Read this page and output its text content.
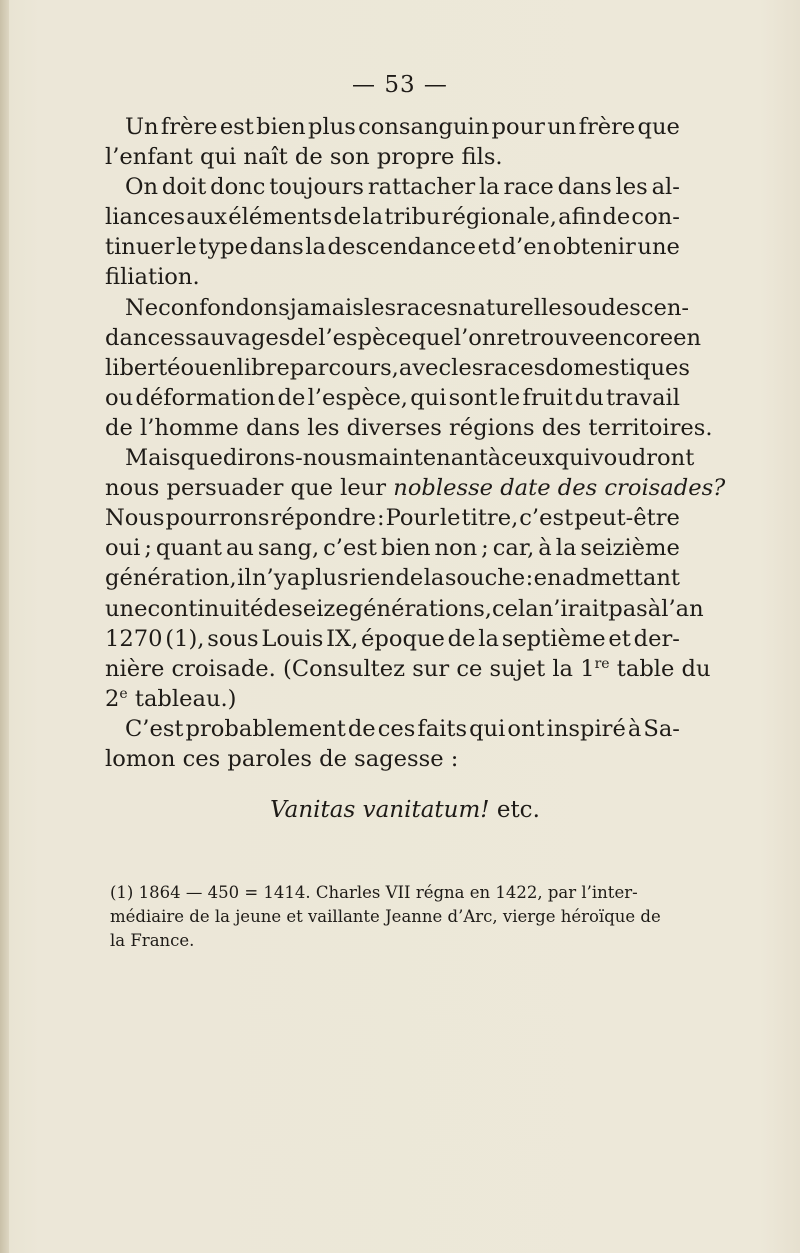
— 53 —
Un frère est bien plus consanguin pour un frère que
l’enfant qui naît de son propre fils.
On doit donc toujours rattacher la race dans les al-
liances aux éléments de la tribu régionale, afin de con-
tinuer le type dans la descendance et d’en obtenir une
filiation.
Ne confondons jamais les races naturelles ou descen-
dances sauvages de l’espèce que l’on retrouve encore en
liberté ou en libre parcours, avec les races domestiques
ou déformation de l’espèce, qui sont le fruit du travail
de l’homme dans les diverses régions des territoires.
Mais que dirons-nous maintenant à ceux qui voudront
nous persuader que leur noblesse date des croisades?
Nous pourrons répondre : Pour le titre, c’est peut-être
oui ; quant au sang, c’est bien non ; car, à la seizième
génération, il n’y a plus rien de la souche : en admettant
une continuité de seize générations, cela n’irait pas à l’an
1270 (1), sous Louis IX, époque de la septième et der-
nière croisade. (Consultez sur ce sujet la 1re table du
2e tableau.)
C’est probablement de ces faits qui ont inspiré à Sa-
lomon ces paroles de sagesse :
Vanitas vanitatum! etc.
(1) 1864 — 450 = 1414. Charles VII régna en 1422, par l’inter-
médiaire de la jeune et vaillante Jeanne d’Arc, vierge héroïque de
la France.
